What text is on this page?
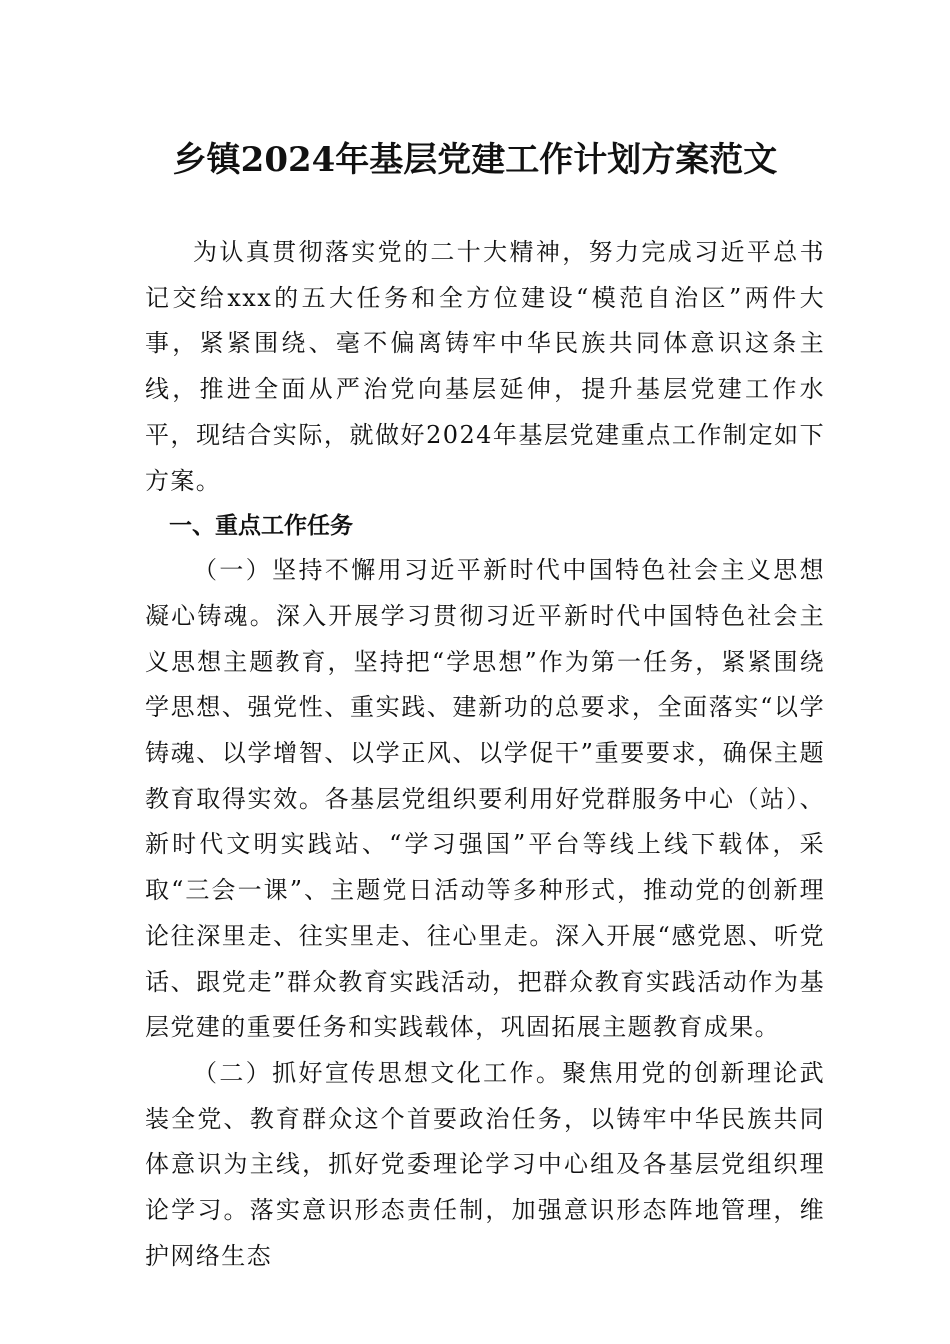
乡镇2024年基层党建工作计划方案范文

为认真贯彻落实党的二十大精神，努力完成习近平总书记交给xxx的五大任务和全方位建设“模范自治区”两件大事，紧紧围绕、毫不偏离铸牢中华民族共同体意识这条主线，推进全面从严治党向基层延伸，提升基层党建工作水平，现结合实际，就做好2024年基层党建重点工作制定如下方案。

一、重点工作任务

（一）坚持不懈用习近平新时代中国特色社会主义思想凝心铸魂。深入开展学习贯彻习近平新时代中国特色社会主义思想主题教育，坚持把“学思想”作为第一任务，紧紧围绕学思想、强党性、重实践、建新功的总要求，全面落实“以学铸魂、以学增智、以学正风、以学促干”重要要求，确保主题教育取得实效。各基层党组织要利用好党群服务中心（站）、新时代文明实践站、“学习强国”平台等线上线下载体，采取“三会一课”、主题党日活动等多种形式，推动党的创新理论往深里走、往实里走、往心里走。深入开展“感党恩、听党话、跟党走”群众教育实践活动，把群众教育实践活动作为基层党建的重要任务和实践载体，巩固拓展主题教育成果。

（二）抓好宣传思想文化工作。聚焦用党的创新理论武装全党、教育群众这个首要政治任务，以铸牢中华民族共同体意识为主线，抓好党委理论学习中心组及各基层党组织理论学习。落实意识形态责任制，加强意识形态阵地管理，维护网络生态
